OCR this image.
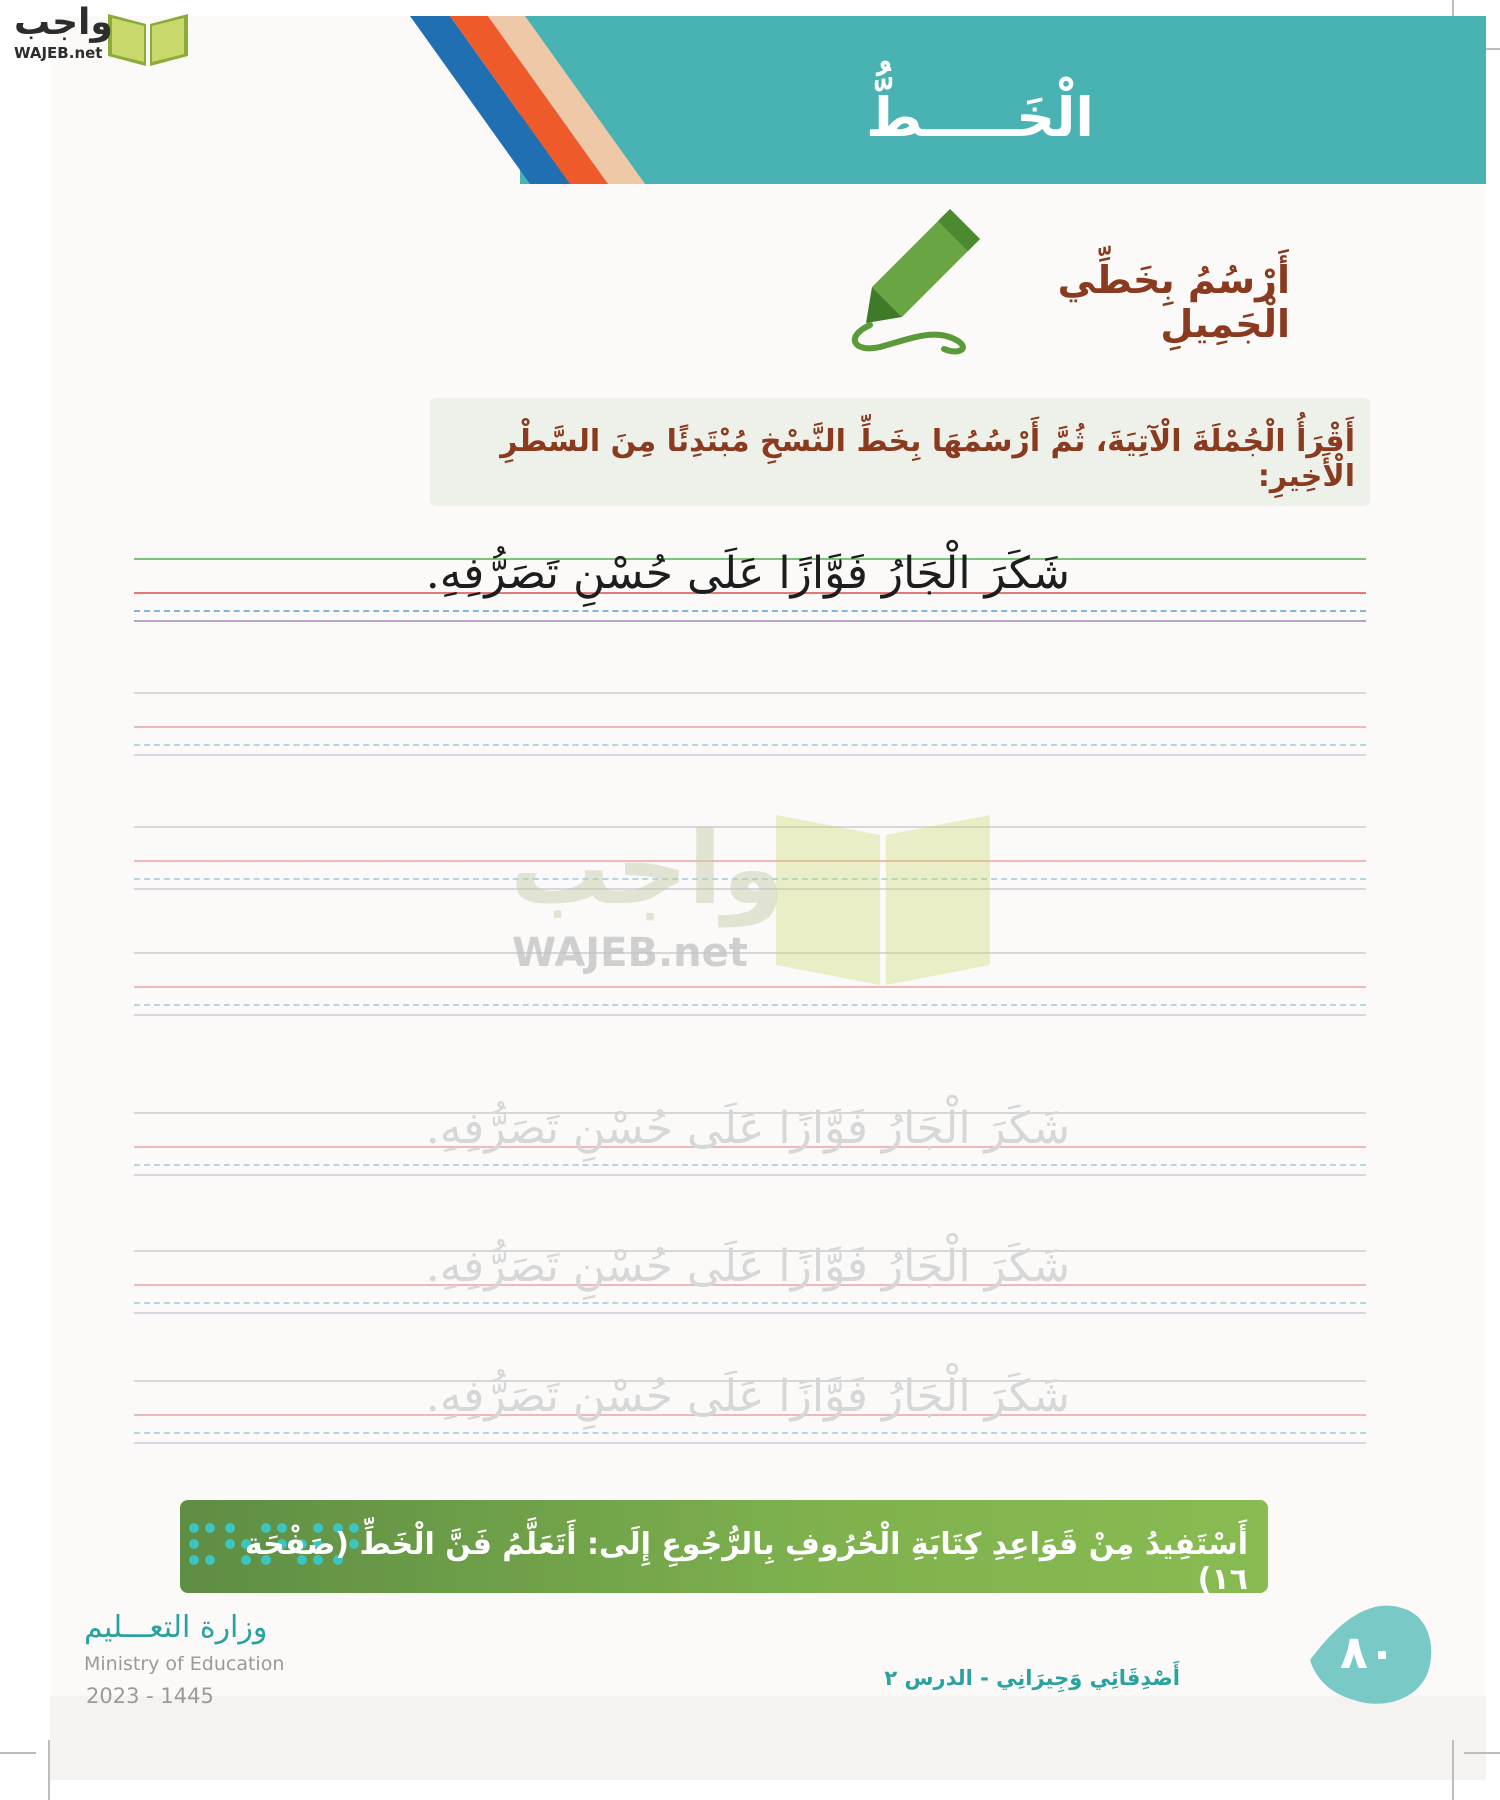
الْخَـــــطُّ
واجب
WAJEB.net
أَرْسُمُ بِخَطِّي الْجَمِيلِ
أَقْرَأُ الْجُمْلَةَ الْآتِيَةَ، ثُمَّ أَرْسُمُهَا بِخَطِّ النَّسْخِ مُبْتَدِئًا مِنَ السَّطْرِ الْأَخِيرِ:
شَكَرَ الْجَارُ فَوَّازًا عَلَى حُسْنِ تَصَرُّفِهِ.
شَكَرَ الْجَارُ فَوَّازًا عَلَى حُسْنِ تَصَرُّفِهِ.
شَكَرَ الْجَارُ فَوَّازًا عَلَى حُسْنِ تَصَرُّفِهِ.
شَكَرَ الْجَارُ فَوَّازًا عَلَى حُسْنِ تَصَرُّفِهِ.
واجب
WAJEB.net
أَسْتَفِيدُ مِنْ قَوَاعِدِ كِتَابَةِ الْحُرُوفِ بِالرُّجُوعِ إِلَى: أَتَعَلَّمُ فَنَّ الْخَطِّ (صَفْحَة ١٦)
وزارة التعـــليم
Ministry of Education
2023 - 1445
أَصْدِقَائِي وَجِيرَانِي - الدرس ٢	٨٠
